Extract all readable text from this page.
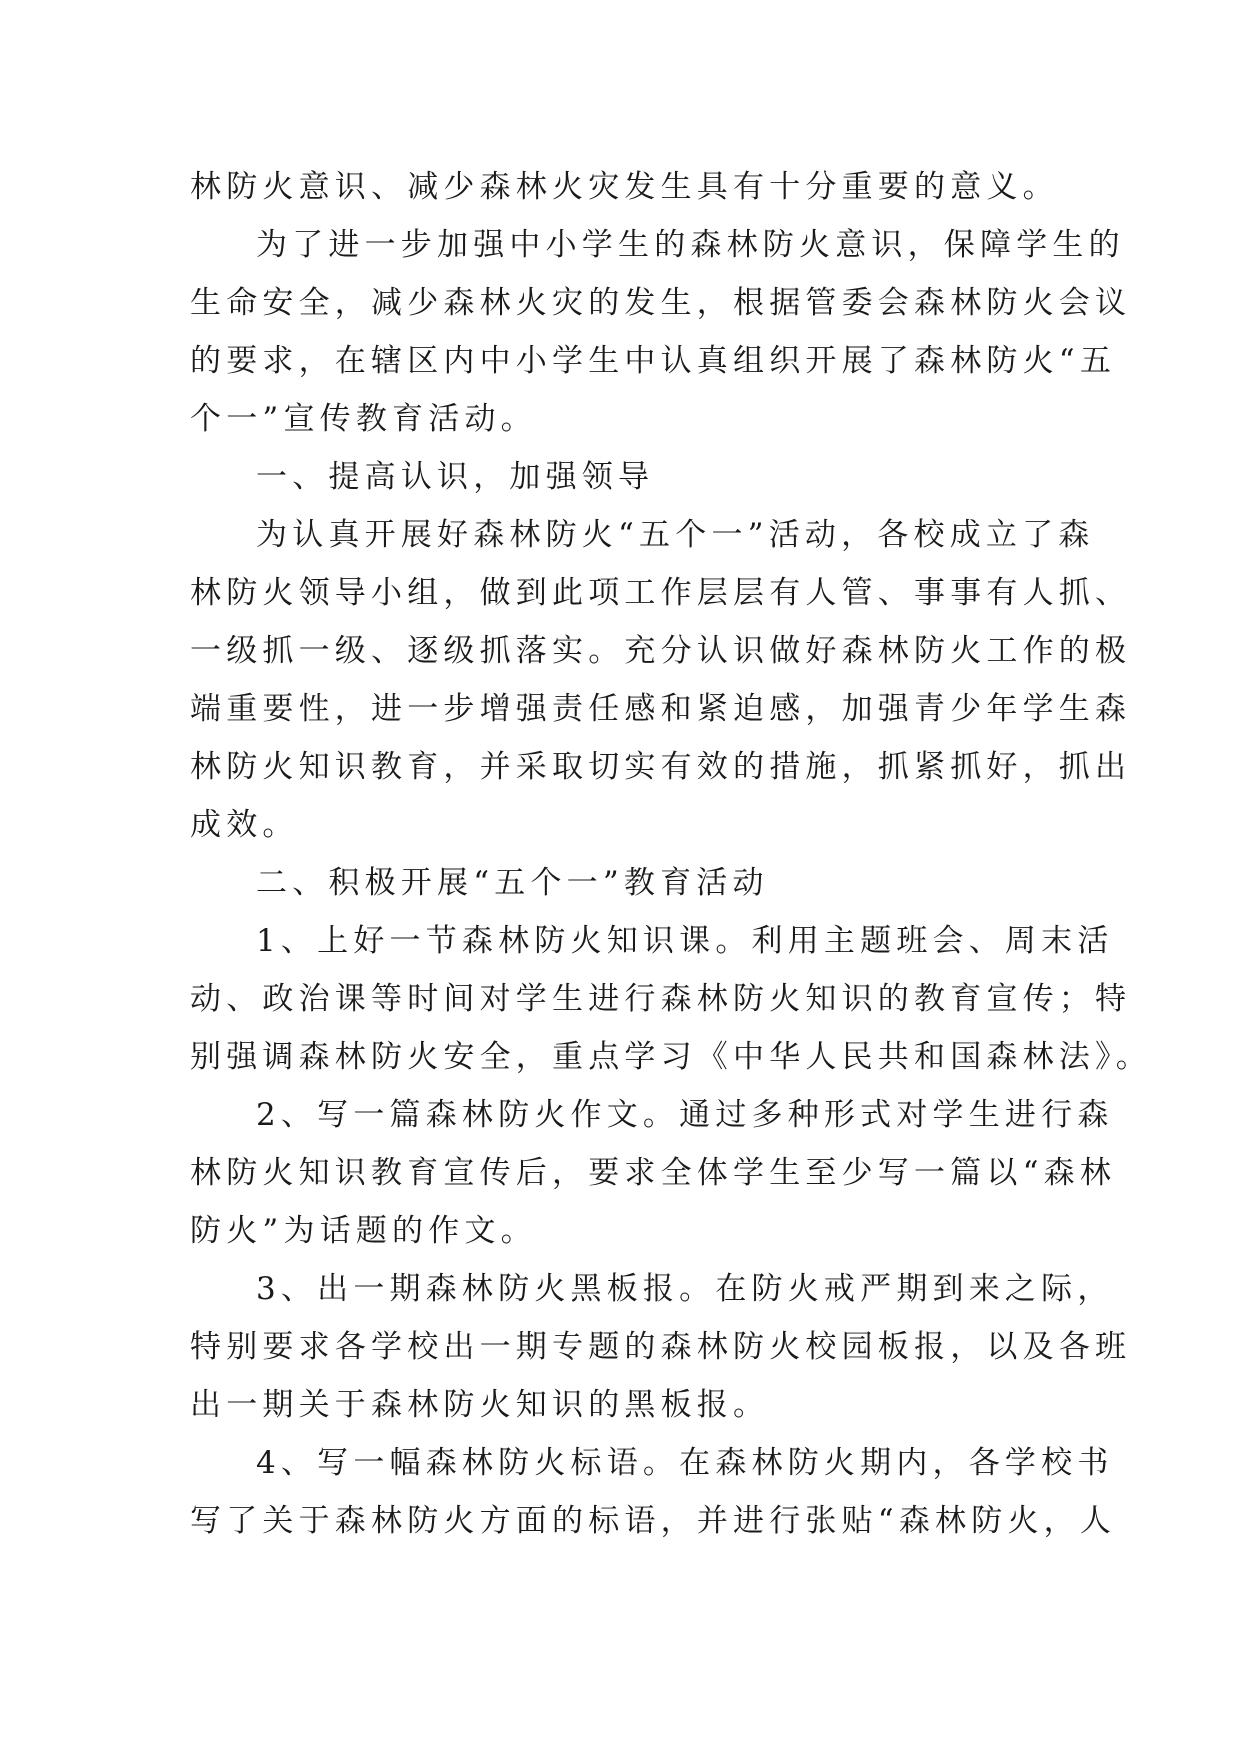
林防火意识、减少森林火灾发生具有十分重要的意义。
为了进一步加强中小学生的森林防火意识，保障学生的
生命安全，减少森林火灾的发生，根据管委会森林防火会议
的要求，在辖区内中小学生中认真组织开展了森林防火“五
个一”宣传教育活动。
一、提高认识，加强领导
为认真开展好森林防火“五个一”活动，各校成立了森
林防火领导小组，做到此项工作层层有人管、事事有人抓、
一级抓一级、逐级抓落实。充分认识做好森林防火工作的极
端重要性，进一步增强责任感和紧迫感，加强青少年学生森
林防火知识教育，并采取切实有效的措施，抓紧抓好，抓出
成效。
二、积极开展“五个一”教育活动
1、上好一节森林防火知识课。利用主题班会、周末活
动、政治课等时间对学生进行森林防火知识的教育宣传；特
别强调森林防火安全，重点学习《中华人民共和国森林法》。
2、写一篇森林防火作文。通过多种形式对学生进行森
林防火知识教育宣传后，要求全体学生至少写一篇以“森林
防火”为话题的作文。
3、出一期森林防火黑板报。在防火戒严期到来之际，
特别要求各学校出一期专题的森林防火校园板报，以及各班
出一期关于森林防火知识的黑板报。
4、写一幅森林防火标语。在森林防火期内，各学校书
写了关于森林防火方面的标语，并进行张贴“森林防火，人
